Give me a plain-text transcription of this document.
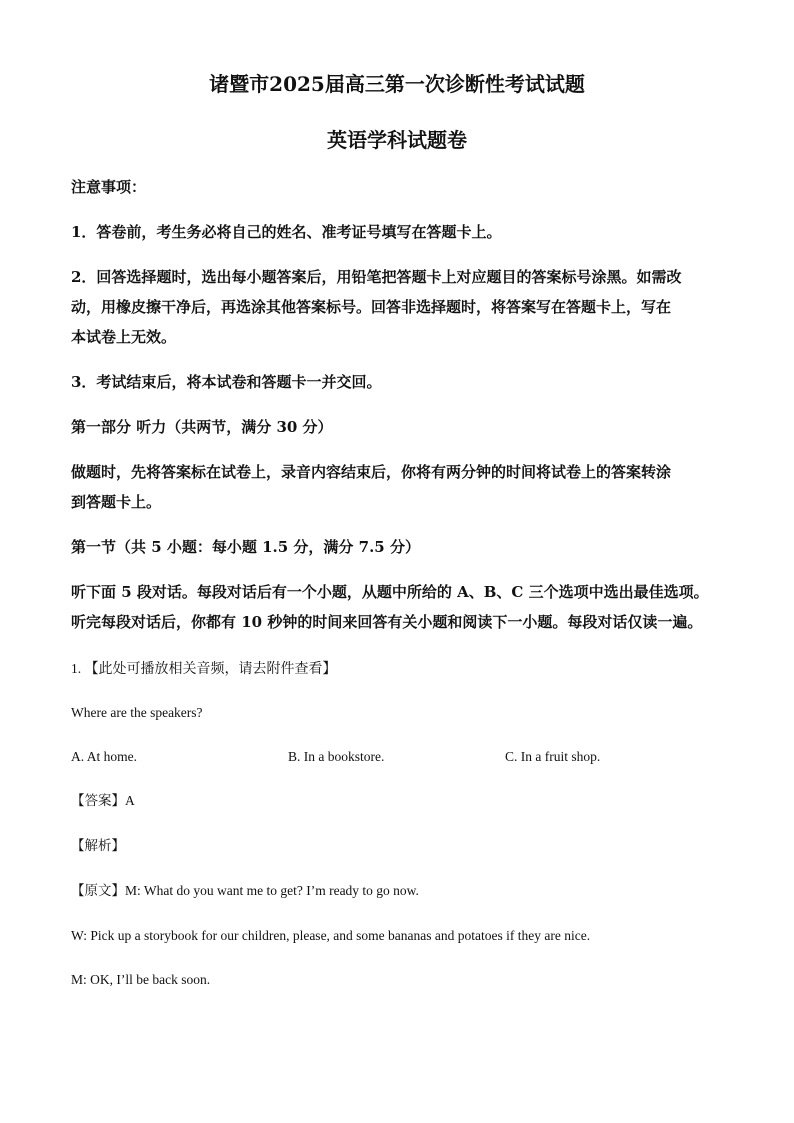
诸暨市2025届高三第一次诊断性考试试题
英语学科试题卷
注意事项：
1．答卷前，考生务必将自己的姓名、准考证号填写在答题卡上。
2．回答选择题时，选出每小题答案后，用铅笔把答题卡上对应题目的答案标号涂黑。如需改
动，用橡皮擦干净后，再选涂其他答案标号。回答非选择题时，将答案写在答题卡上，写在
本试卷上无效。
3．考试结束后，将本试卷和答题卡一并交回。
第一部分 听力（共两节，满分 30 分）
做题时，先将答案标在试卷上，录音内容结束后，你将有两分钟的时间将试卷上的答案转涂
到答题卡上。
第一节（共 5 小题：每小题 1.5 分，满分 7.5 分）
听下面 5 段对话。每段对话后有一个小题，从题中所给的 A、B、C 三个选项中选出最佳选项。
听完每段对话后，你都有 10 秒钟的时间来回答有关小题和阅读下一小题。每段对话仅读一遍。
1. 【此处可播放相关音频，请去附件查看】
Where are the speakers?
A. At home.	B. In a bookstore.	C. In a fruit shop.
【答案】A
【解析】
【原文】M: What do you want me to get? I’m ready to go now.
W: Pick up a storybook for our children, please, and some bananas and potatoes if they are nice.
M: OK, I’ll be back soon.
